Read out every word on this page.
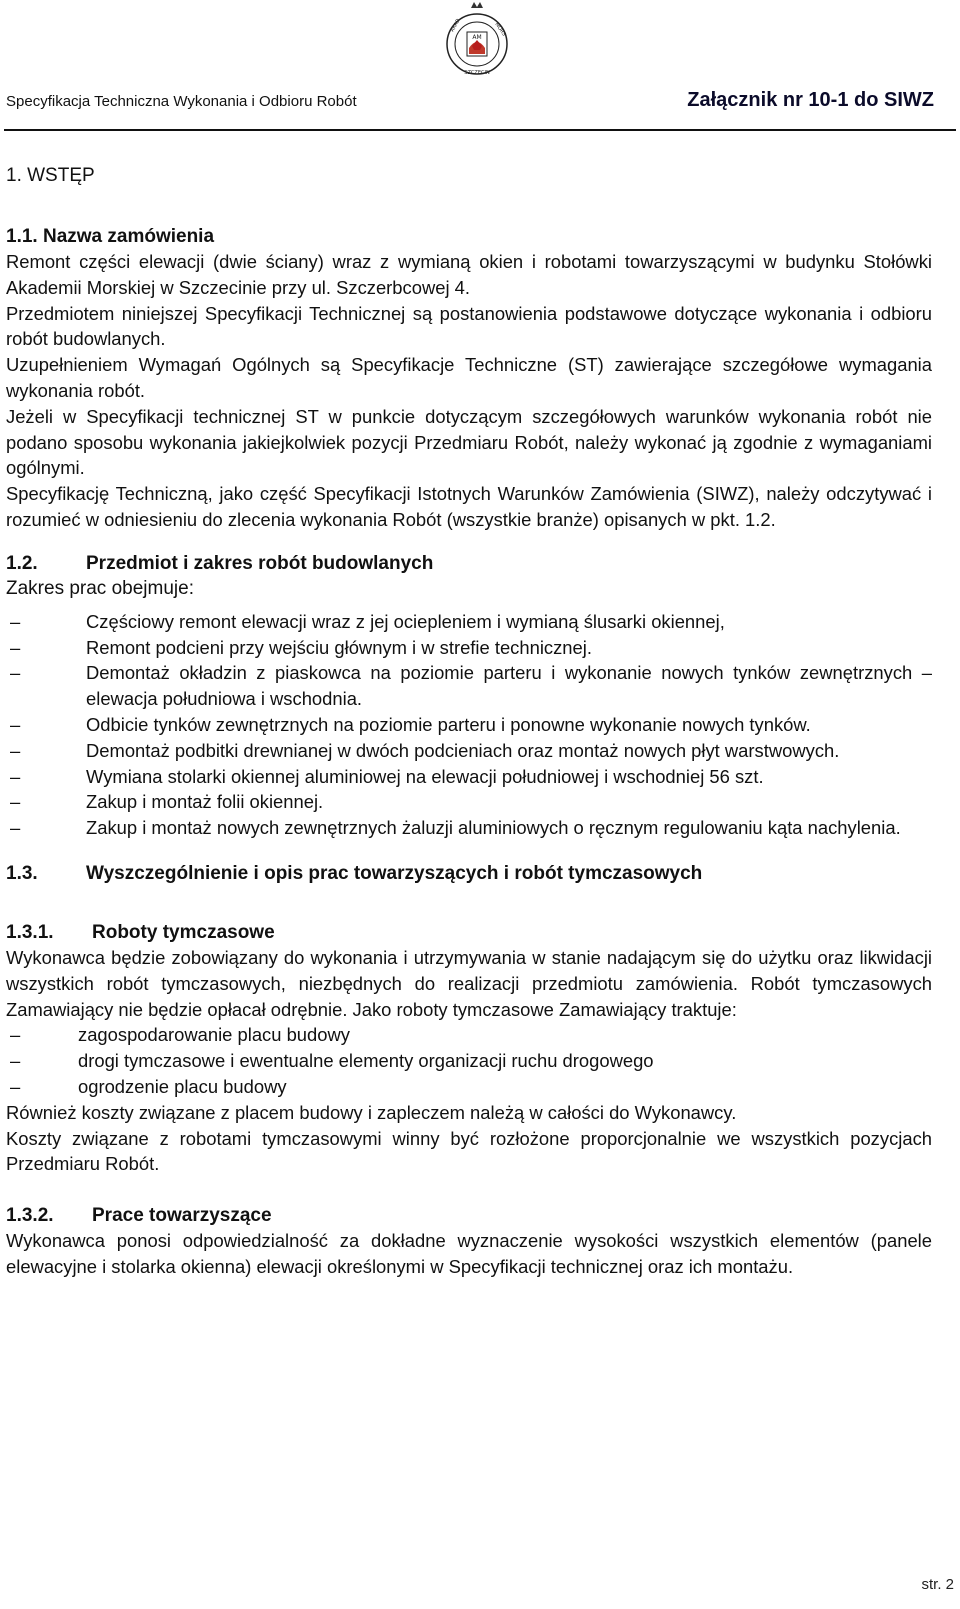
AM
AKAD	MORS
SZCZECIN
Specyfikacja Techniczna Wykonania i Odbioru Robót	Załącznik nr 10-1 do SIWZ

1. WSTĘP

1.1. Nazwa zamówienia

Remont części elewacji (dwie ściany) wraz z wymianą okien i robotami towarzyszącymi w budynku Stołówki Akademii Morskiej w Szczecinie przy ul. Szczerbcowej 4.

Przedmiotem niniejszej Specyfikacji Technicznej są postanowienia podstawowe dotyczące wykonania i odbioru robót budowlanych.

Uzupełnieniem Wymagań Ogólnych są Specyfikacje Techniczne (ST) zawierające szczegółowe wymagania wykonania robót.

Jeżeli w Specyfikacji technicznej ST w punkcie dotyczącym szczegółowych warunków wykonania robót nie podano sposobu wykonania jakiejkolwiek pozycji Przedmiaru Robót, należy wykonać ją zgodnie z wymaganiami ogólnymi.

Specyfikację Techniczną, jako część Specyfikacji Istotnych Warunków Zamówienia (SIWZ), należy odczytywać i rozumieć w odniesieniu do zlecenia wykonania Robót (wszystkie branże) opisanych w pkt. 1.2.

1.2.	Przedmiot i zakres robót budowlanych

Zakres prac obejmuje:

– Częściowy remont elewacji wraz z jej ociepleniem i wymianą ślusarki okiennej,
– Remont podcieni przy wejściu głównym i w strefie technicznej.
– Demontaż okładzin z piaskowca na poziomie parteru i wykonanie nowych tynków zewnętrznych – elewacja południowa i wschodnia.
– Odbicie tynków zewnętrznych na poziomie parteru i ponowne wykonanie nowych tynków.
– Demontaż podbitki drewnianej w dwóch podcieniach oraz montaż nowych płyt warstwowych.
– Wymiana stolarki okiennej aluminiowej na elewacji południowej i wschodniej 56 szt.
– Zakup i montaż folii okiennej.
– Zakup i montaż nowych zewnętrznych żaluzji aluminiowych o ręcznym regulowaniu kąta nachylenia.

1.3.	Wyszczególnienie i opis prac towarzyszących i robót tymczasowych

1.3.1. Roboty tymczasowe

Wykonawca będzie zobowiązany do wykonania i utrzymywania w stanie nadającym się do użytku oraz likwidacji wszystkich robót tymczasowych, niezbędnych do realizacji przedmiotu zamówienia. Robót tymczasowych Zamawiający nie będzie opłacał odrębnie. Jako roboty tymczasowe Zamawiający traktuje:

– zagospodarowanie placu budowy
– drogi tymczasowe i ewentualne elementy organizacji ruchu drogowego
– ogrodzenie placu budowy

Również koszty związane z placem budowy i zapleczem należą w całości do Wykonawcy.

Koszty związane z robotami tymczasowymi winny być rozłożone proporcjonalnie we wszystkich pozycjach Przedmiaru Robót.

1.3.2. Prace towarzyszące

Wykonawca ponosi odpowiedzialność za dokładne wyznaczenie wysokości wszystkich elementów (panele elewacyjne i stolarka okienna) elewacji określonymi w Specyfikacji technicznej oraz ich montażu.

str. 2
